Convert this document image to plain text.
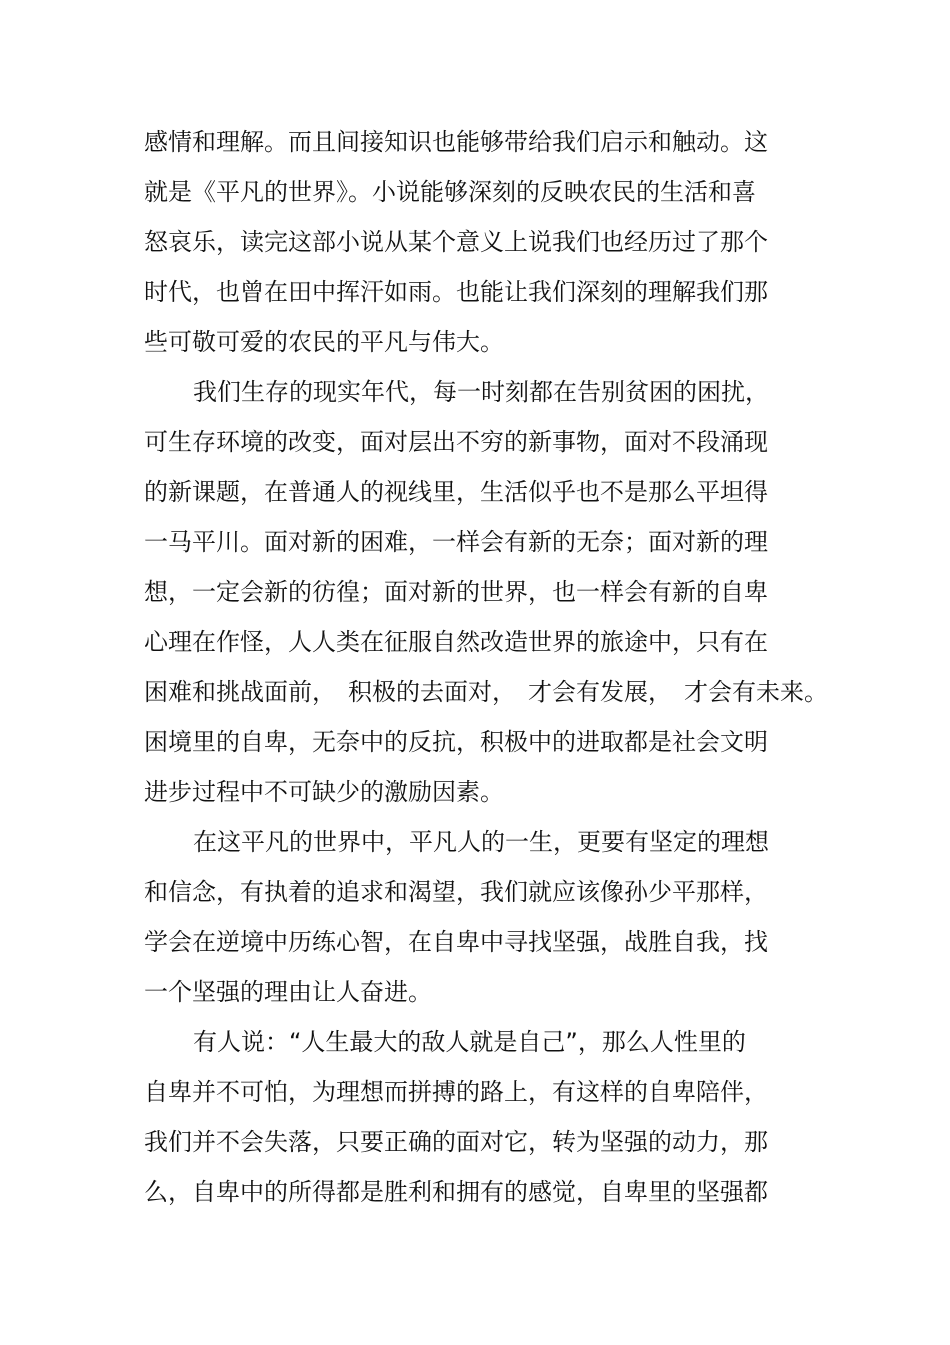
感情和理解。而且间接知识也能够带给我们启示和触动。这
就是《平凡的世界》。小说能够深刻的反映农民的生活和喜
怒哀乐，读完这部小说从某个意义上说我们也经历过了那个
时代，也曾在田中挥汗如雨。也能让我们深刻的理解我们那
些可敬可爱的农民的平凡与伟大。
我们生存的现实年代，每一时刻都在告别贫困的困扰，
可生存环境的改变，面对层出不穷的新事物，面对不段涌现
的新课题，在普通人的视线里，生活似乎也不是那么平坦得
一马平川。面对新的困难，一样会有新的无奈；面对新的理
想，一定会新的彷徨；面对新的世界，也一样会有新的自卑
心理在作怪，人人类在征服自然改造世界的旅途中，只有在
困难和挑战面前，　积极的去面对，　才会有发展，　才会有未来。
困境里的自卑，无奈中的反抗，积极中的进取都是社会文明
进步过程中不可缺少的激励因素。
在这平凡的世界中，平凡人的一生，更要有坚定的理想
和信念，有执着的追求和渴望，我们就应该像孙少平那样，
学会在逆境中历练心智，在自卑中寻找坚强，战胜自我，找
一个坚强的理由让人奋进。
有人说：“人生最大的敌人就是自己”，那么人性里的
自卑并不可怕，为理想而拼搏的路上，有这样的自卑陪伴，
我们并不会失落，只要正确的面对它，转为坚强的动力，那
么，自卑中的所得都是胜利和拥有的感觉，自卑里的坚强都
